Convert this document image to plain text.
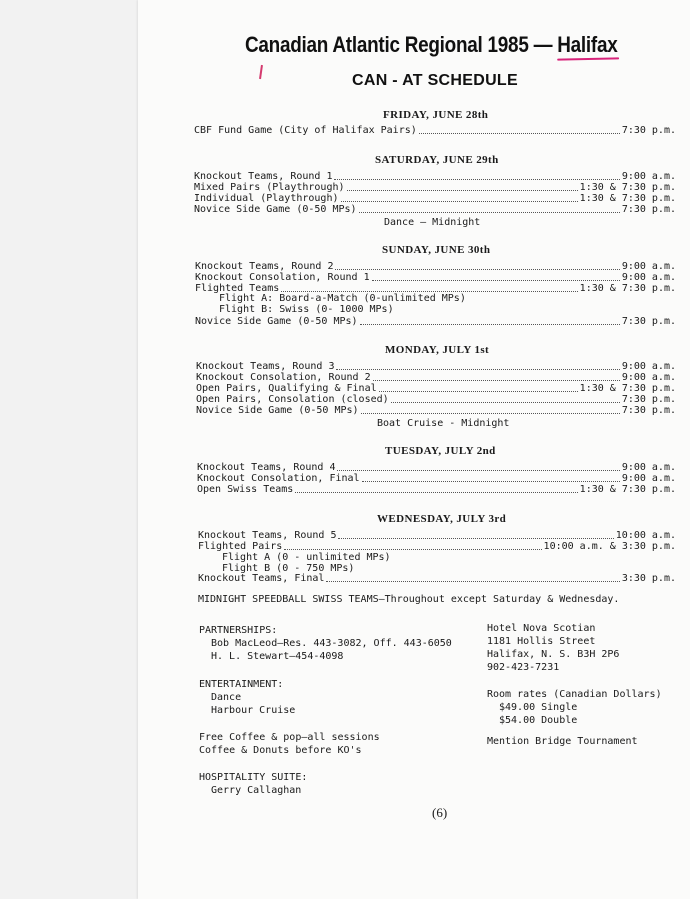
Canadian Atlantic Regional 1985 — Halifax
CAN - AT SCHEDULE
FRIDAY, JUNE 28th
CBF Fund Game (City of Halifax Pairs)	7:30 p.m.
SATURDAY, JUNE 29th
Knockout Teams, Round 1	9:00 a.m.
Mixed Pairs (Playthrough)	1:30 & 7:30 p.m.
Individual (Playthrough)	1:30 & 7:30 p.m.
Novice Side Game (0-50 MPs)	7:30 p.m.
Dance — Midnight
SUNDAY, JUNE 30th
Knockout Teams, Round 2	9:00 a.m.
Knockout Consolation, Round 1	9:00 a.m.
Flighted Teams	1:30 & 7:30 p.m.
Flight A: Board-a-Match (0-unlimited MPs)
Flight B: Swiss (0- 1000 MPs)
Novice Side Game (0-50 MPs)	7:30 p.m.
MONDAY, JULY 1st
Knockout Teams, Round 3	9:00 a.m.
Knockout Consolation, Round 2	9:00 a.m.
Open Pairs, Qualifying & Final	1:30 & 7:30 p.m.
Open Pairs, Consolation (closed)	7:30 p.m.
Novice Side Game (0-50 MPs)	7:30 p.m.
Boat Cruise - Midnight
TUESDAY, JULY 2nd
Knockout Teams, Round 4	9:00 a.m.
Knockout Consolation, Final	9:00 a.m.
Open Swiss Teams	1:30 & 7:30 p.m.
WEDNESDAY, JULY 3rd
Knockout Teams, Round 5	10:00 a.m.
Flighted Pairs	10:00 a.m. & 3:30 p.m.
Flight A (0 - unlimited MPs)
Flight B (0 - 750 MPs)
Knockout Teams, Final	3:30 p.m.
MIDNIGHT SPEEDBALL SWISS TEAMS—Throughout except Saturday & Wednesday.
PARTNERSHIPS:
Bob MacLeod—Res. 443-3082, Off. 443-6050
H. L. Stewart—454-4098
ENTERTAINMENT:
Dance
Harbour Cruise
Free Coffee & pop—all sessions
Coffee & Donuts before KO's
HOSPITALITY SUITE:
Gerry Callaghan
Hotel Nova Scotian
1181 Hollis Street
Halifax, N. S. B3H 2P6
902-423-7231
Room rates (Canadian Dollars)
$49.00 Single
$54.00 Double
Mention Bridge Tournament
(6)
